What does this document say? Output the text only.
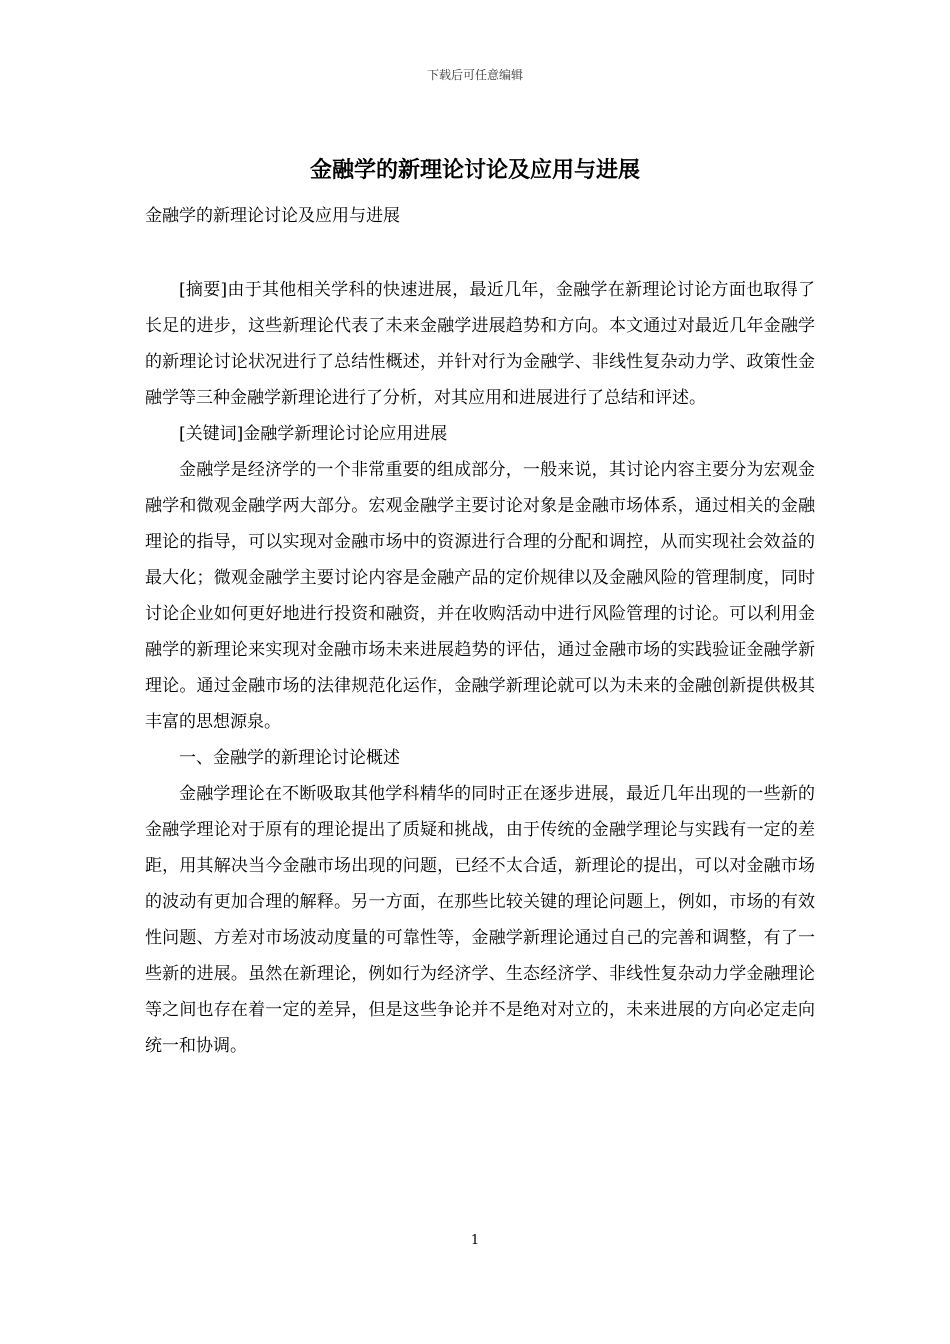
下载后可任意编辑
金融学的新理论讨论及应用与进展
金融学的新理论讨论及应用与进展

[摘要]由于其他相关学科的快速进展，最近几年，金融学在新理论讨论方面也取得了长足的进步，这些新理论代表了未来金融学进展趋势和方向。本文通过对最近几年金融学的新理论讨论状况进行了总结性概述，并针对行为金融学、非线性复杂动力学、政策性金融学等三种金融学新理论进行了分析，对其应用和进展进行了总结和评述。

[关键词]金融学新理论讨论应用进展

金融学是经济学的一个非常重要的组成部分，一般来说，其讨论内容主要分为宏观金融学和微观金融学两大部分。宏观金融学主要讨论对象是金融市场体系，通过相关的金融理论的指导，可以实现对金融市场中的资源进行合理的分配和调控，从而实现社会效益的最大化；微观金融学主要讨论内容是金融产品的定价规律以及金融风险的管理制度，同时讨论企业如何更好地进行投资和融资，并在收购活动中进行风险管理的讨论。可以利用金融学的新理论来实现对金融市场未来进展趋势的评估，通过金融市场的实践验证金融学新理论。通过金融市场的法律规范化运作，金融学新理论就可以为未来的金融创新提供极其丰富的思想源泉。

一、金融学的新理论讨论概述

金融学理论在不断吸取其他学科精华的同时正在逐步进展，最近几年出现的一些新的金融学理论对于原有的理论提出了质疑和挑战，由于传统的金融学理论与实践有一定的差距，用其解决当今金融市场出现的问题，已经不太合适，新理论的提出，可以对金融市场的波动有更加合理的解释。另一方面，在那些比较关键的理论问题上，例如，市场的有效性问题、方差对市场波动度量的可靠性等，金融学新理论通过自己的完善和调整，有了一些新的进展。虽然在新理论，例如行为经济学、生态经济学、非线性复杂动力学金融理论等之间也存在着一定的差异，但是这些争论并不是绝对对立的，未来进展的方向必定走向统一和协调。

1
